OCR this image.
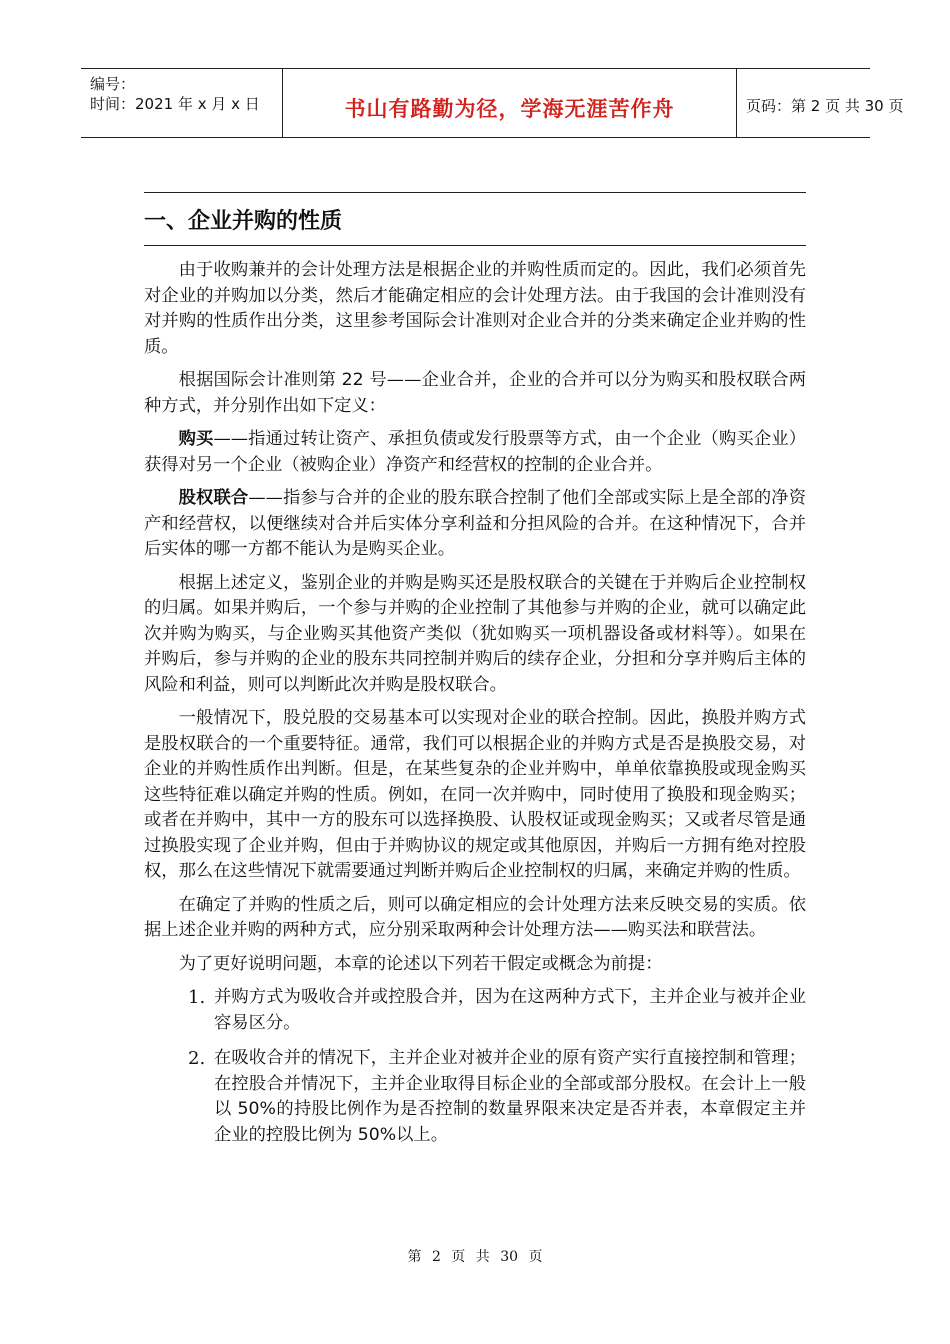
编号：
时间：2021 年 x 月 x 日	书山有路勤为径，学海无涯苦作舟	页码：第 2 页 共 30 页
一、企业并购的性质

由于收购兼并的会计处理方法是根据企业的并购性质而定的。因此，我们必须首先对企业的并购加以分类，然后才能确定相应的会计处理方法。由于我国的会计准则没有对并购的性质作出分类，这里参考国际会计准则对企业合并的分类来确定企业并购的性质。

根据国际会计准则第 22 号——企业合并，企业的合并可以分为购买和股权联合两种方式，并分别作出如下定义：

购买——指通过转让资产、承担负债或发行股票等方式，由一个企业（购买企业）获得对另一个企业（被购企业）净资产和经营权的控制的企业合并。

股权联合——指参与合并的企业的股东联合控制了他们全部或实际上是全部的净资产和经营权，以便继续对合并后实体分享利益和分担风险的合并。在这种情况下，合并后实体的哪一方都不能认为是购买企业。

根据上述定义，鉴别企业的并购是购买还是股权联合的关键在于并购后企业控制权的归属。如果并购后，一个参与并购的企业控制了其他参与并购的企业，就可以确定此次并购为购买，与企业购买其他资产类似（犹如购买一项机器设备或材料等）。如果在并购后，参与并购的企业的股东共同控制并购后的续存企业，分担和分享并购后主体的风险和利益，则可以判断此次并购是股权联合。

一般情况下，股兑股的交易基本可以实现对企业的联合控制。因此，换股并购方式是股权联合的一个重要特征。通常，我们可以根据企业的并购方式是否是换股交易，对企业的并购性质作出判断。但是，在某些复杂的企业并购中，单单依靠换股或现金购买这些特征难以确定并购的性质。例如，在同一次并购中，同时使用了换股和现金购买；或者在并购中，其中一方的股东可以选择换股、认股权证或现金购买；又或者尽管是通过换股实现了企业并购，但由于并购协议的规定或其他原因，并购后一方拥有绝对控股权，那么在这些情况下就需要通过判断并购后企业控制权的归属，来确定并购的性质。

在确定了并购的性质之后，则可以确定相应的会计处理方法来反映交易的实质。依据上述企业并购的两种方式，应分别采取两种会计处理方法——购买法和联营法。

为了更好说明问题，本章的论述以下列若干假定或概念为前提：

1. 并购方式为吸收合并或控股合并，因为在这两种方式下，主并企业与被并企业容易区分。
2. 在吸收合并的情况下，主并企业对被并企业的原有资产实行直接控制和管理；在控股合并情况下，主并企业取得目标企业的全部或部分股权。在会计上一般以 50%的持股比例作为是否控制的数量界限来决定是否并表，本章假定主并企业的控股比例为 50%以上。
第 2 页 共 30 页
